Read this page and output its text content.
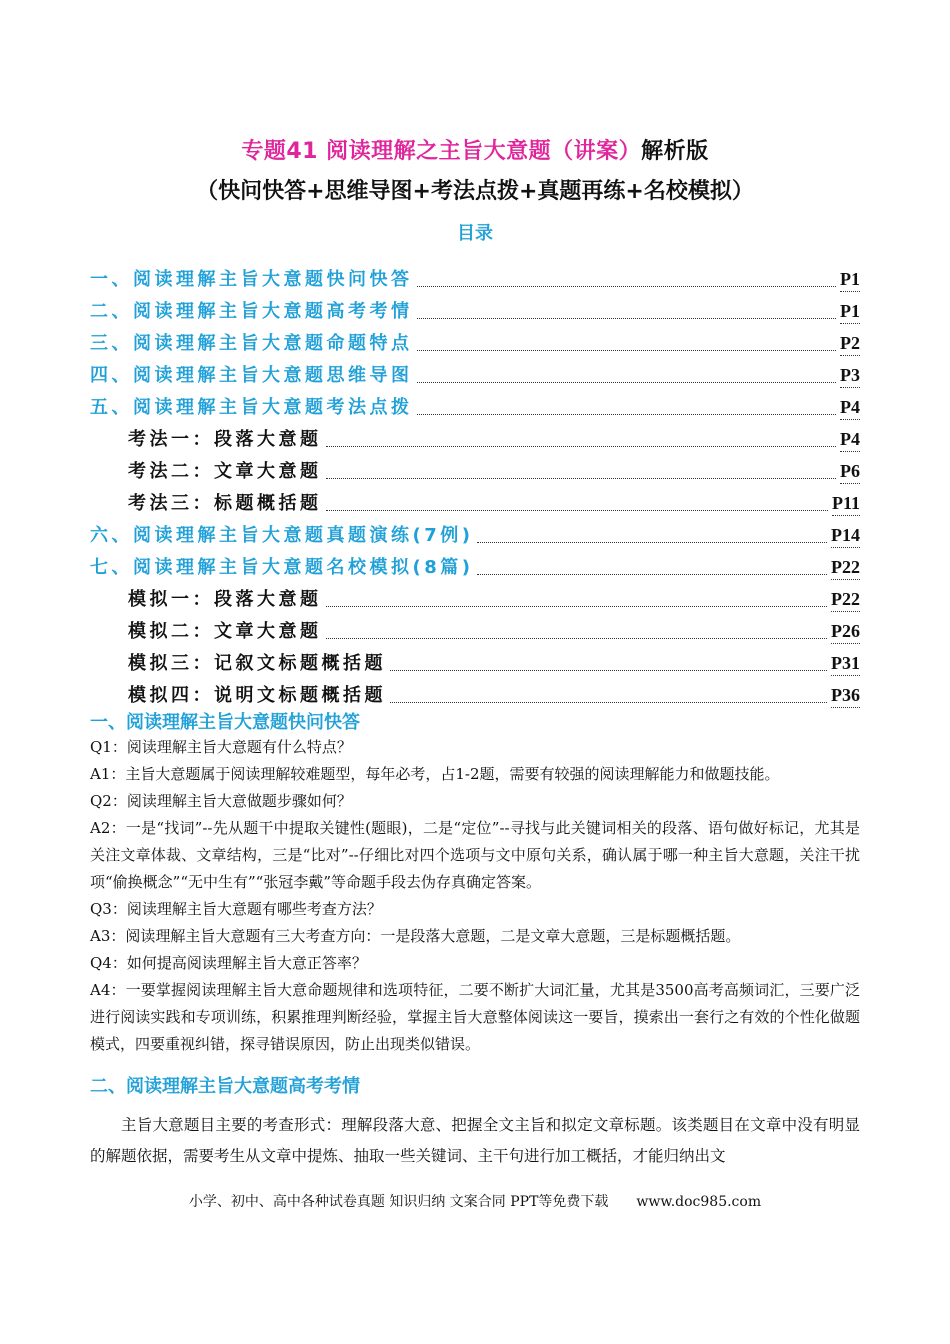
专题41 阅读理解之主旨大意题（讲案）解析版
（快问快答+思维导图+考法点拨+真题再练+名校模拟）
目录
一、阅读理解主旨大意题快问快答	P1
二、阅读理解主旨大意题高考考情	P1
三、阅读理解主旨大意题命题特点	P2
四、阅读理解主旨大意题思维导图	P3
五、阅读理解主旨大意题考法点拨	P4
考法一：段落大意题	P4
考法二：文章大意题	P6
考法三：标题概括题	P11
六、阅读理解主旨大意题真题演练(7例)	P14
七、阅读理解主旨大意题名校模拟(8篇)	P22
模拟一：段落大意题	P22
模拟二：文章大意题	P26
模拟三：记叙文标题概括题	P31
模拟四：说明文标题概括题	P36
一、阅读理解主旨大意题快问快答

Q1：阅读理解主旨大意题有什么特点？

A1：主旨大意题属于阅读理解较难题型，每年必考，占1-2题，需要有较强的阅读理解能力和做题技能。

Q2：阅读理解主旨大意做题步骤如何？

A2：一是“找词”--先从题干中提取关键性(题眼)，二是“定位”--寻找与此关键词相关的段落、语句做好标记，尤其是关注文章体裁、文章结构，三是“比对”--仔细比对四个选项与文中原句关系，确认属于哪一种主旨大意题，关注干扰项“偷换概念”“无中生有”“张冠李戴”等命题手段去伪存真确定答案。

Q3：阅读理解主旨大意题有哪些考查方法？

A3：阅读理解主旨大意题有三大考查方向：一是段落大意题，二是文章大意题，三是标题概括题。

Q4：如何提高阅读理解主旨大意正答率？

A4：一要掌握阅读理解主旨大意命题规律和选项特征，二要不断扩大词汇量，尤其是3500高考高频词汇，三要广泛进行阅读实践和专项训练，积累推理判断经验，掌握主旨大意整体阅读这一要旨，摸索出一套行之有效的个性化做题模式，四要重视纠错，探寻错误原因，防止出现类似错误。

二、阅读理解主旨大意题高考考情
主旨大意题目主要的考查形式：理解段落大意、把握全文主旨和拟定文章标题。该类题目在文章中没有明显的解题依据，需要考生从文章中提炼、抽取一些关键词、主干句进行加工概括，才能归纳出文
小学、初中、高中各种试卷真题 知识归纳 文案合同 PPT等免费下载　　www.doc985.com
